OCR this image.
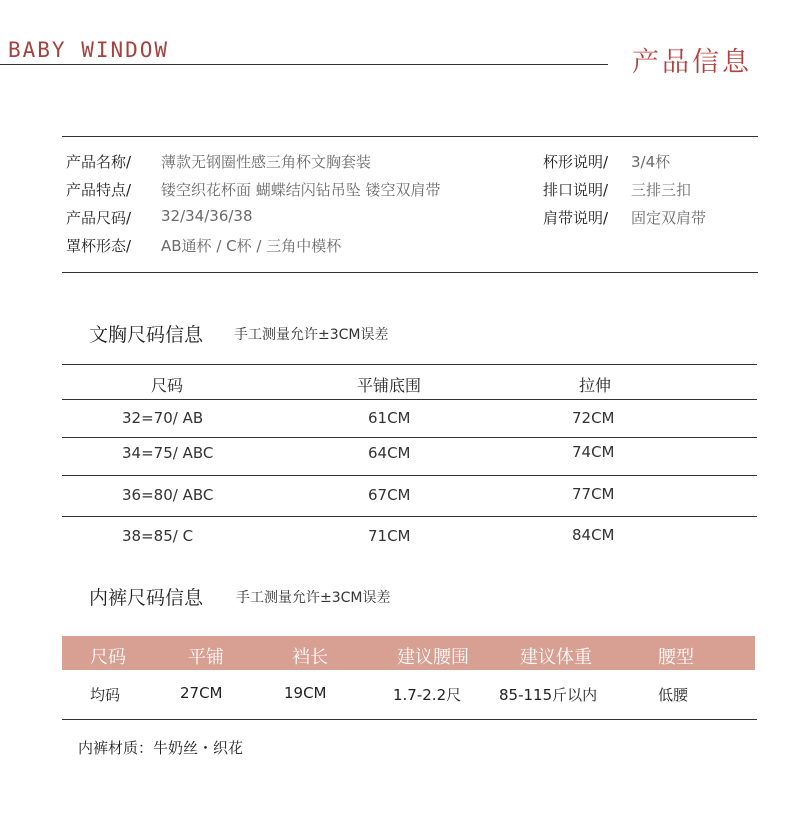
BABY WINDOW	产品信息
产品名称/ 薄款无钢圈性感三角杯文胸套装
产品特点/ 镂空织花杯面 蝴蝶结闪钻吊坠 镂空双肩带
产品尺码/ 32/34/36/38
罩杯形态/ AB通杯 / C杯 / 三角中模杯
杯形说明/ 3/4杯
排口说明/ 三排三扣
肩带说明/ 固定双肩带
文胸尺码信息 手工测量允许±3CM误差
尺码	平铺底围	拉伸
32=70/ AB	61CM	72CM
34=75/ ABC	64CM	74CM
36=80/ ABC	67CM	77CM
38=85/ C	71CM	84CM
内裤尺码信息 手工测量允许±3CM误差
尺码	平铺	裆长	建议腰围	建议体重	腰型
均码	27CM	19CM	1.7-2.2尺	85-115斤以内	低腰
内裤材质：牛奶丝・织花
